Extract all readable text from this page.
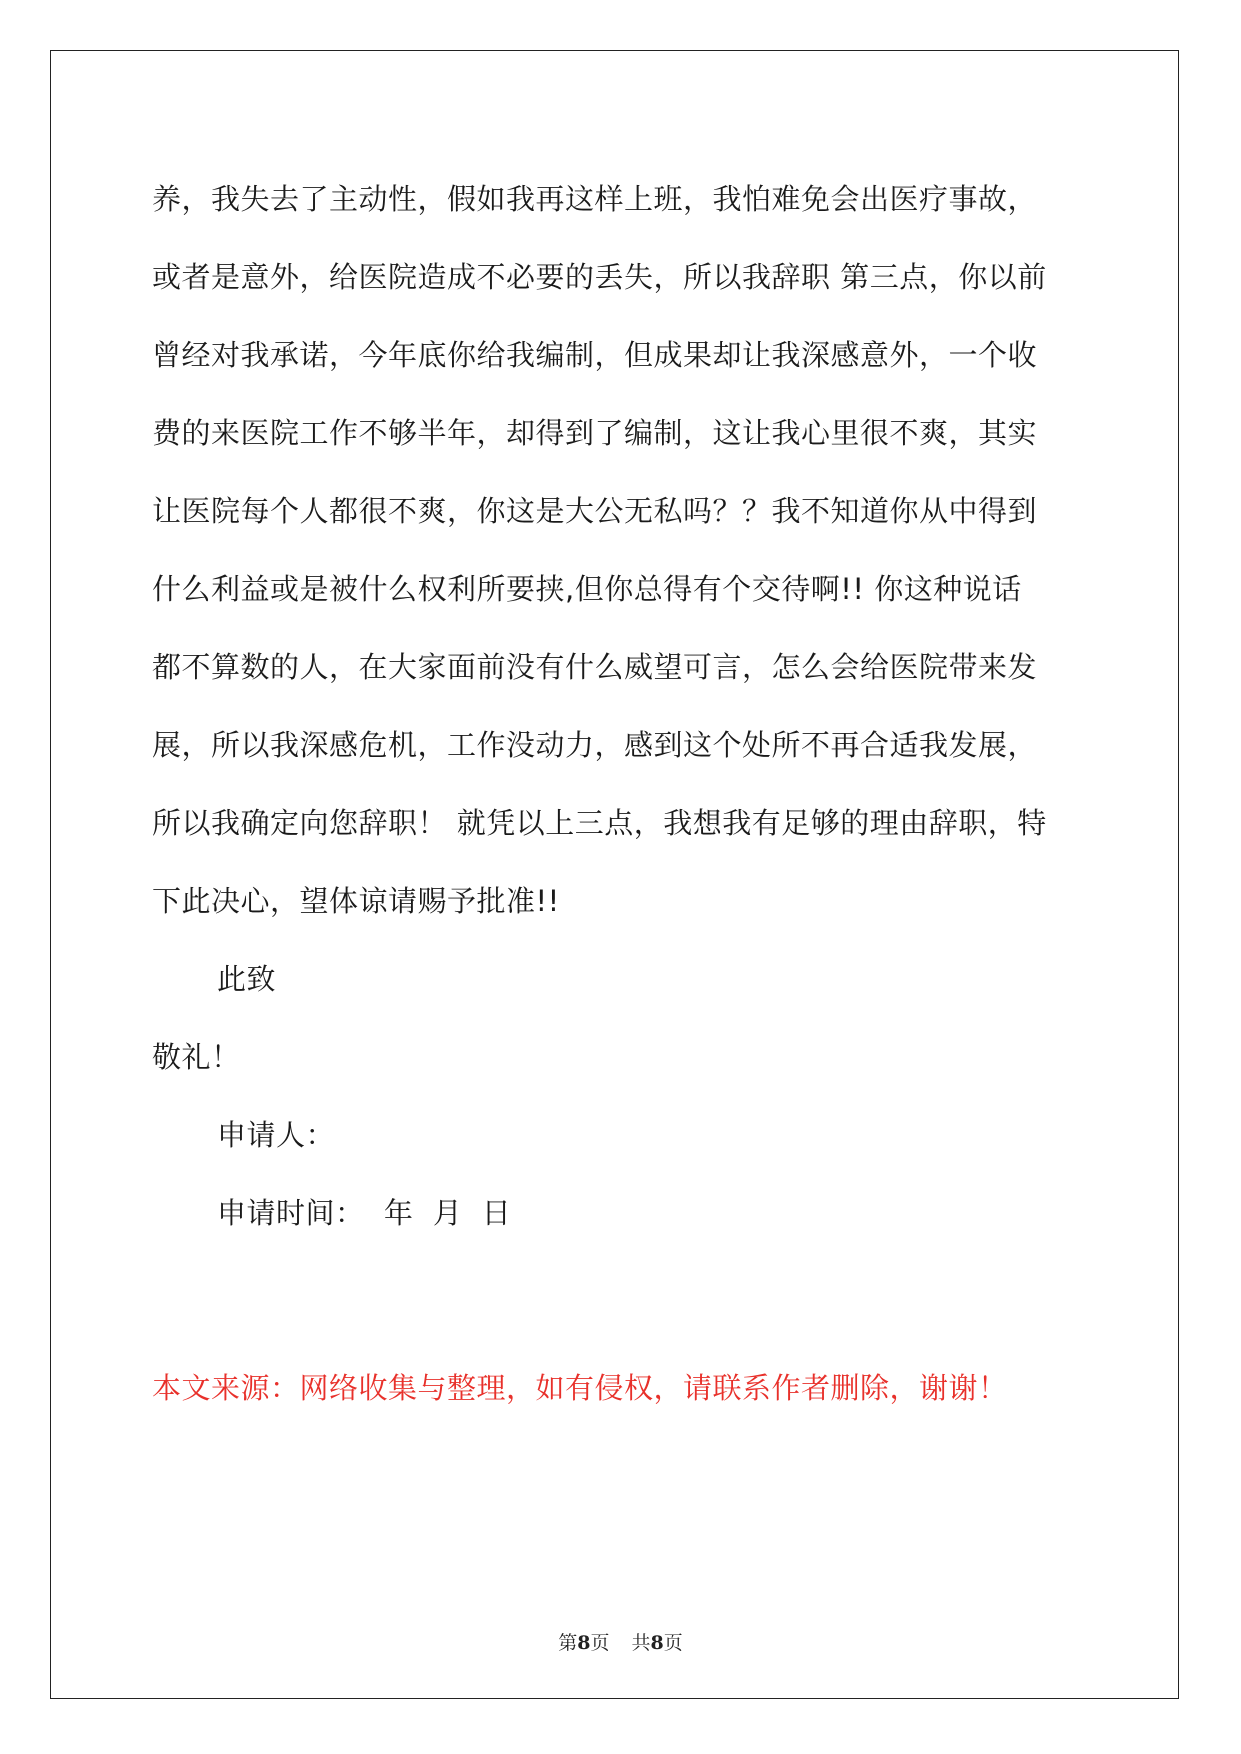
养，我失去了主动性，假如我再这样上班，我怕难免会出医疗事故，
或者是意外，给医院造成不必要的丢失，所以我辞职 第三点，你以前
曾经对我承诺，今年底你给我编制，但成果却让我深感意外，一个收
费的来医院工作不够半年，却得到了编制，这让我心里很不爽，其实
让医院每个人都很不爽，你这是大公无私吗？？我不知道你从中得到
什么利益或是被什么权利所要挟,但你总得有个交待啊!! 你这种说话
都不算数的人，在大家面前没有什么威望可言，怎么会给医院带来发
展，所以我深感危机，工作没动力，感到这个处所不再合适我发展，
所以我确定向您辞职！ 就凭以上三点，我想我有足够的理由辞职，特
下此决心，望体谅请赐予批准!!
此致
敬礼！
申请人：
申请时间：  年  月  日
本文来源：网络收集与整理，如有侵权，请联系作者删除，谢谢！
第8页 共8页
